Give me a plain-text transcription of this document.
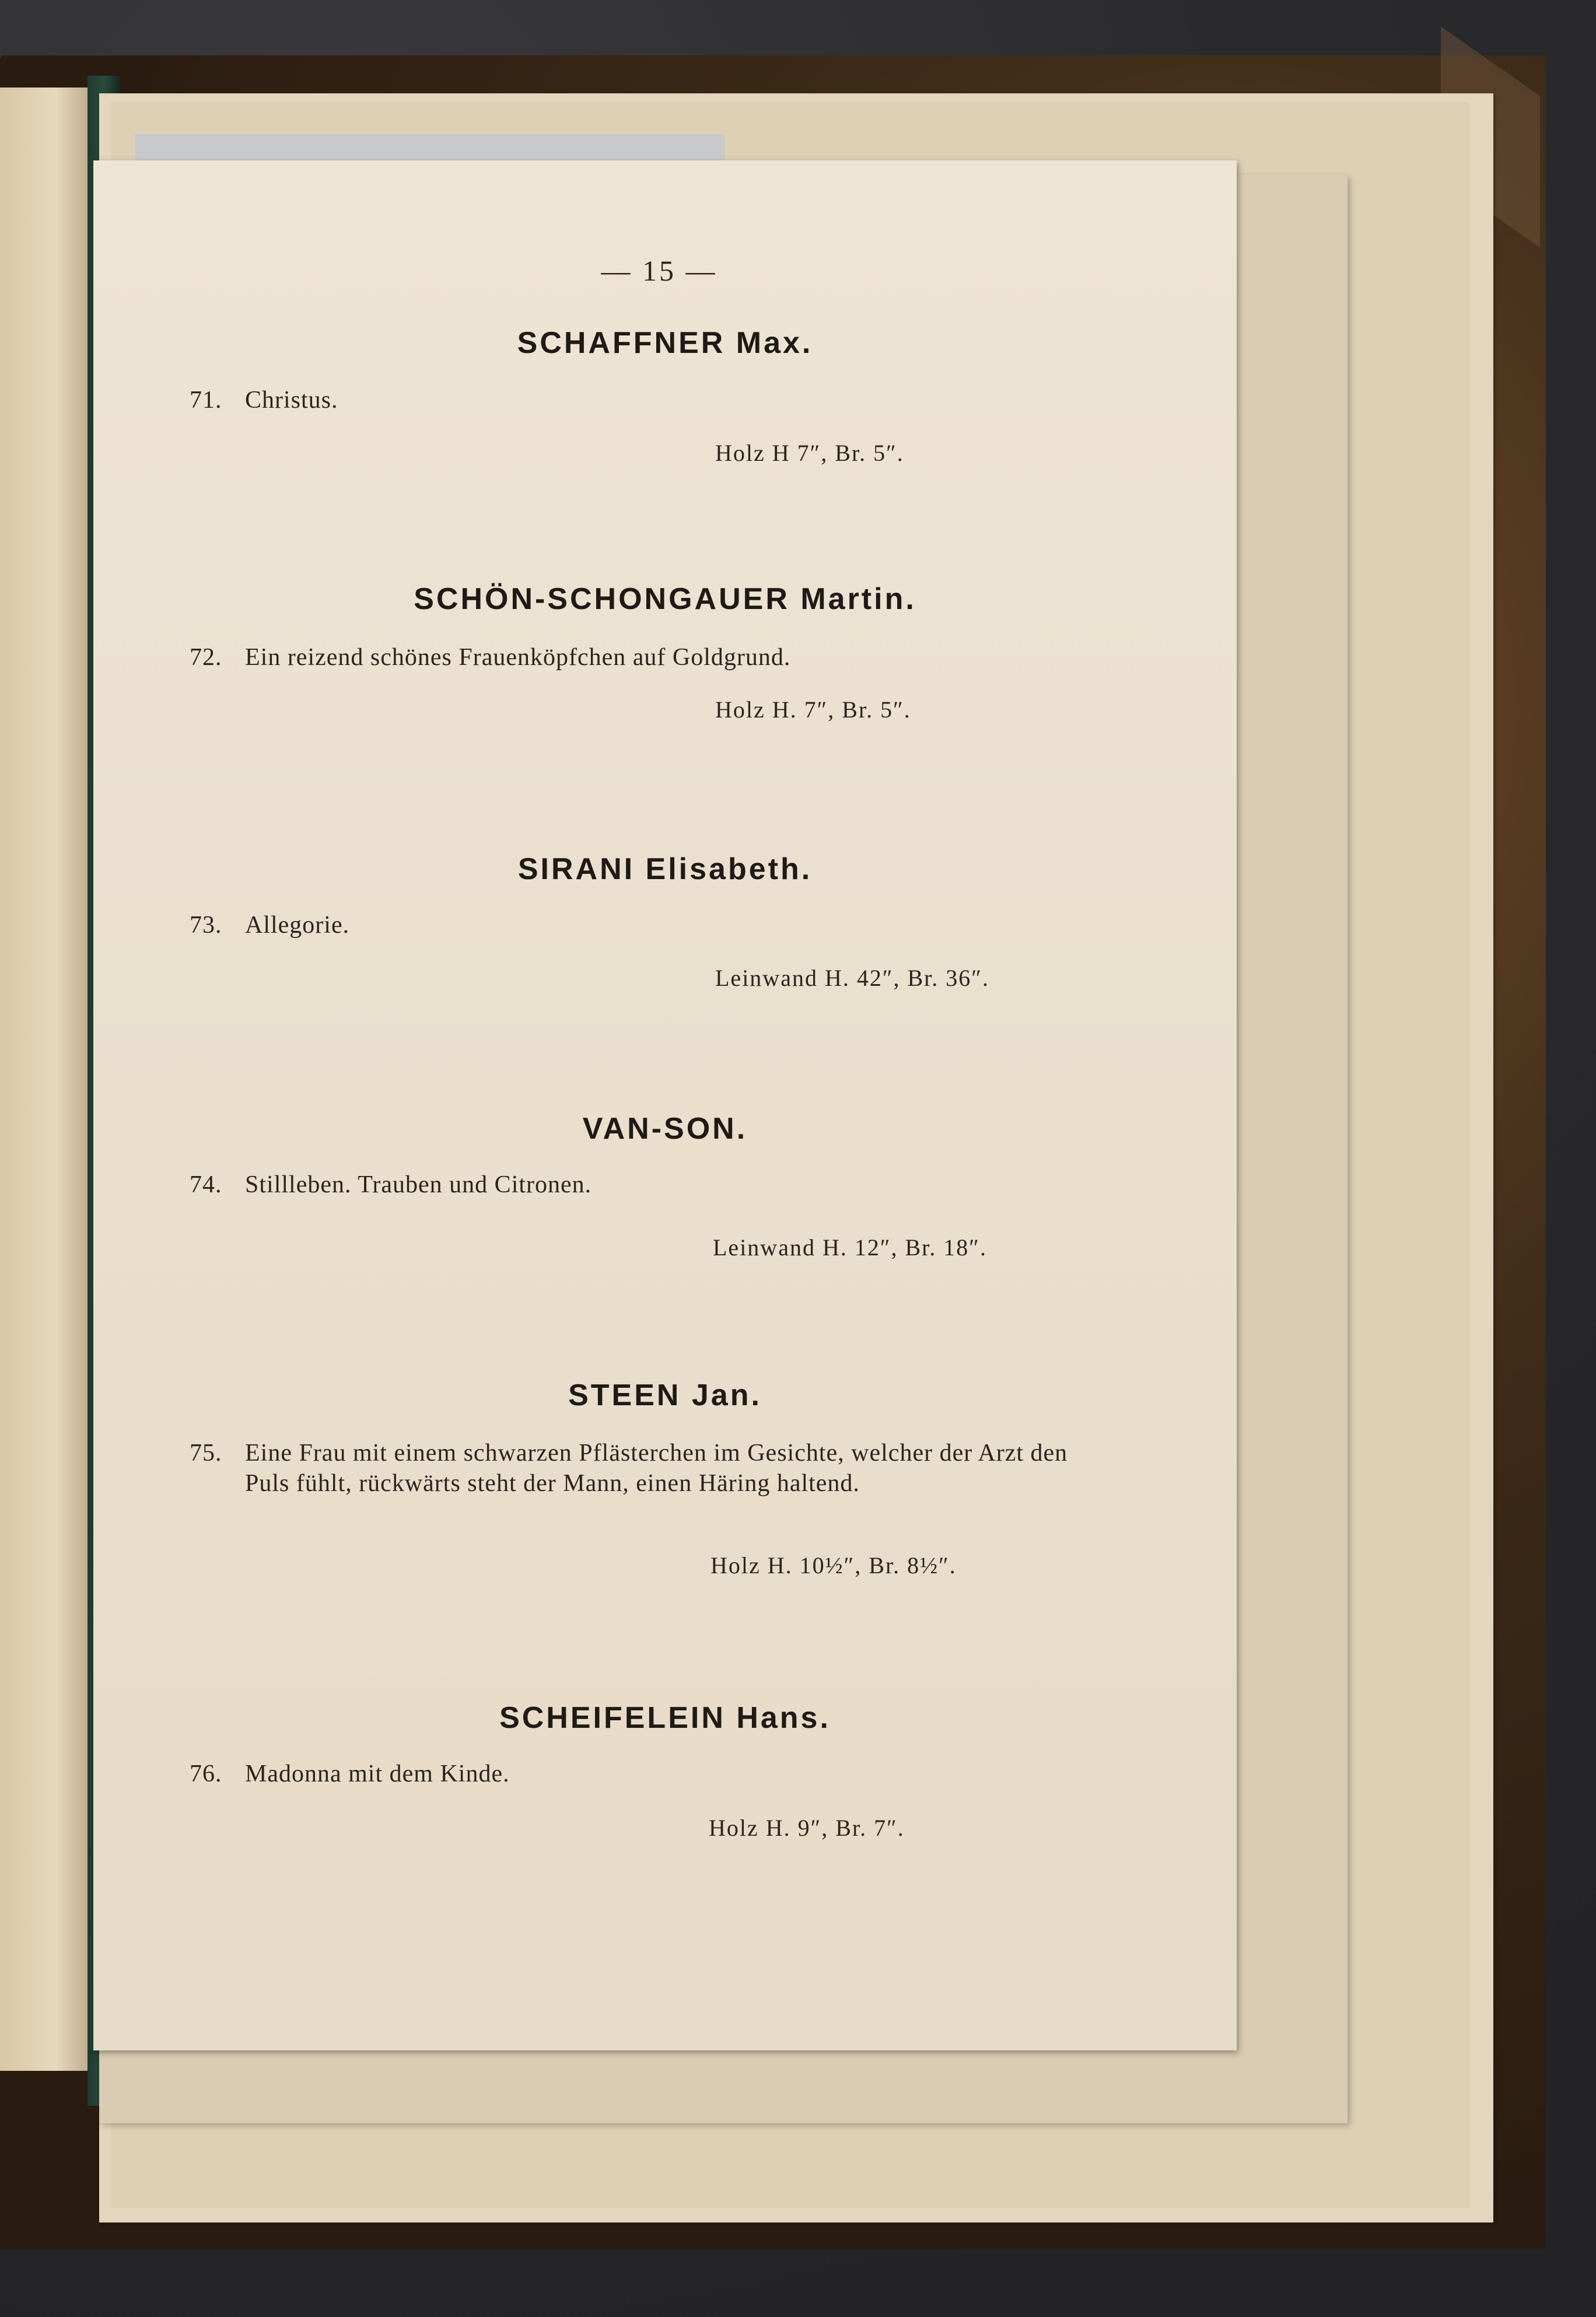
— 15 —
SCHAFFNER Max.
71. Christus.
Holz H 7″, Br. 5″.
SCHÖN-SCHONGAUER Martin.
72. Ein reizend schönes Frauenköpfchen auf Goldgrund.
Holz H. 7″, Br. 5″.
SIRANI Elisabeth.
73. Allegorie.
Leinwand H. 42″, Br. 36″.
VAN-SON.
74. Stillleben. Trauben und Citronen.
Leinwand H. 12″, Br. 18″.
STEEN Jan.
75. Eine Frau mit einem schwarzen Pflästerchen im Gesichte, welcher der Arzt den Puls fühlt, rückwärts steht der Mann, einen Häring haltend.
Holz H. 10½″, Br. 8½″.
SCHEIFELEIN Hans.
76. Madonna mit dem Kinde.
Holz H. 9″, Br. 7″.
